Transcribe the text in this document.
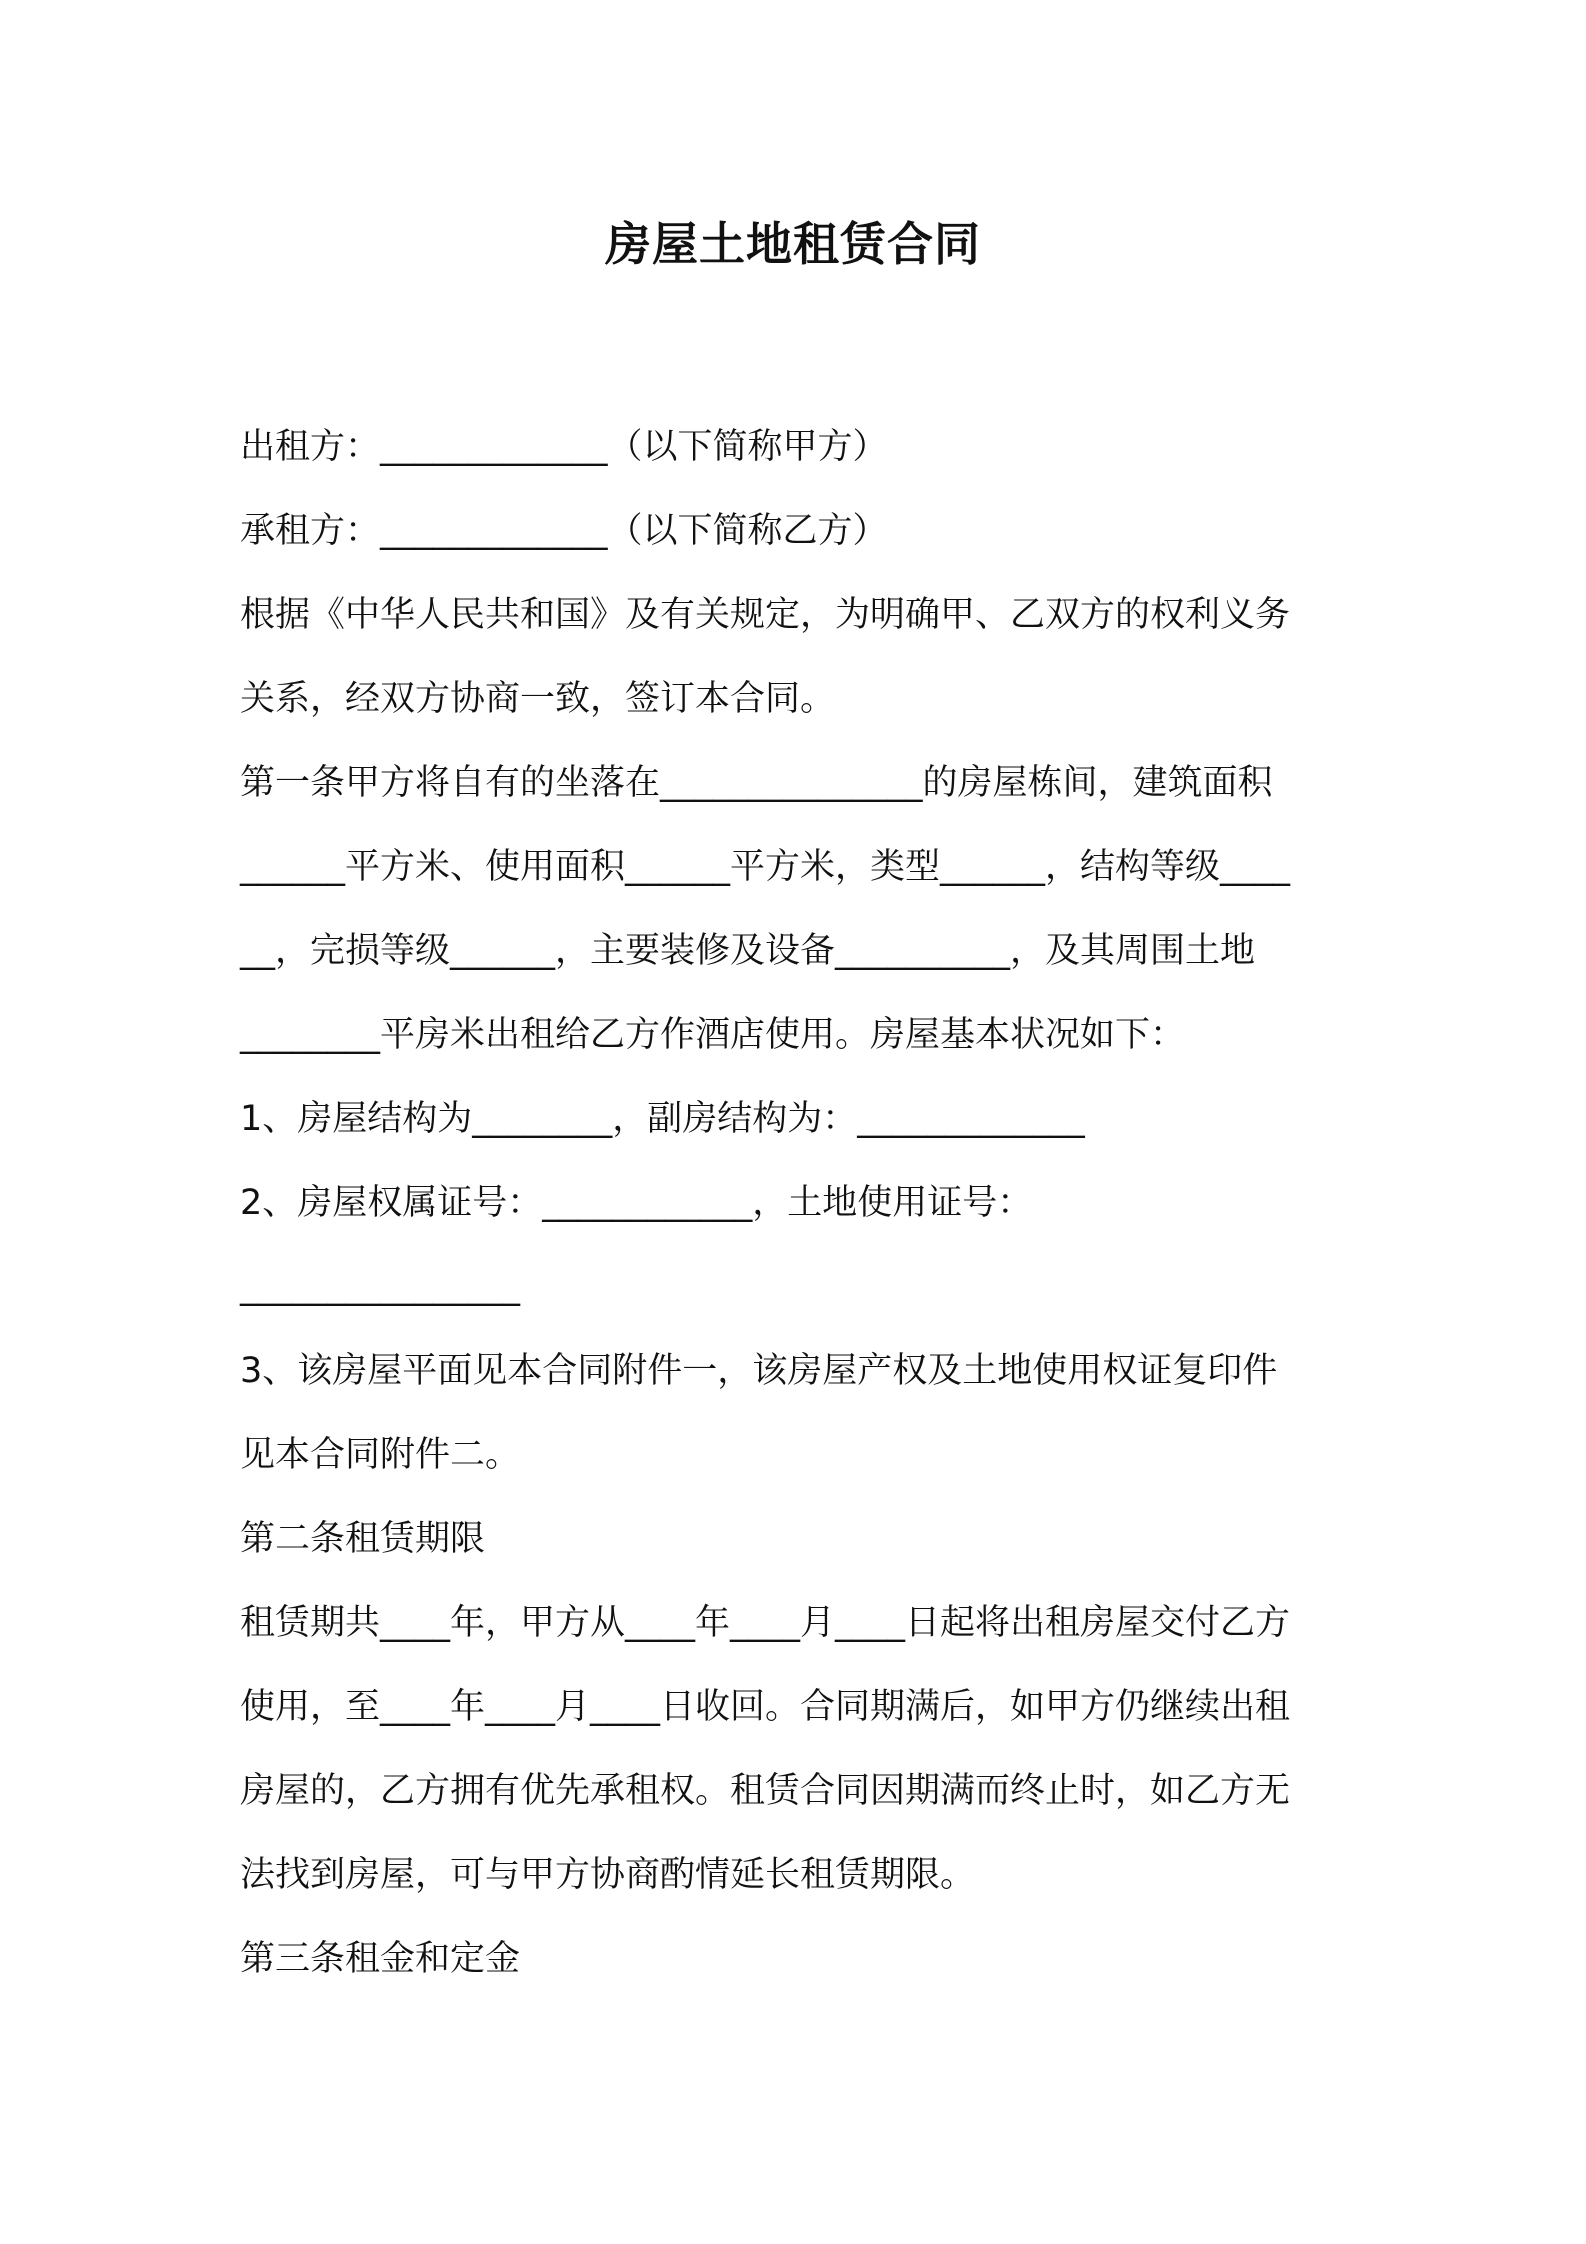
房屋土地租赁合同
出租方：_____________（以下简称甲方）
承租方：_____________（以下简称乙方）
根据《中华人民共和国》及有关规定，为明确甲、乙双方的权利义务
关系，经双方协商一致，签订本合同。
第一条甲方将自有的坐落在_______________的房屋栋间，建筑面积
______平方米、使用面积______平方米，类型______，结构等级____
__，完损等级______，主要装修及设备__________，及其周围土地
________平房米出租给乙方作酒店使用。房屋基本状况如下：
1、房屋结构为________，副房结构为：_____________
2、房屋权属证号：____________，土地使用证号：
________________
3、该房屋平面见本合同附件一，该房屋产权及土地使用权证复印件
见本合同附件二。
第二条租赁期限
租赁期共____年，甲方从____年____月____日起将出租房屋交付乙方
使用，至____年____月____日收回。合同期满后，如甲方仍继续出租
房屋的，乙方拥有优先承租权。租赁合同因期满而终止时，如乙方无
法找到房屋，可与甲方协商酌情延长租赁期限。
第三条租金和定金
